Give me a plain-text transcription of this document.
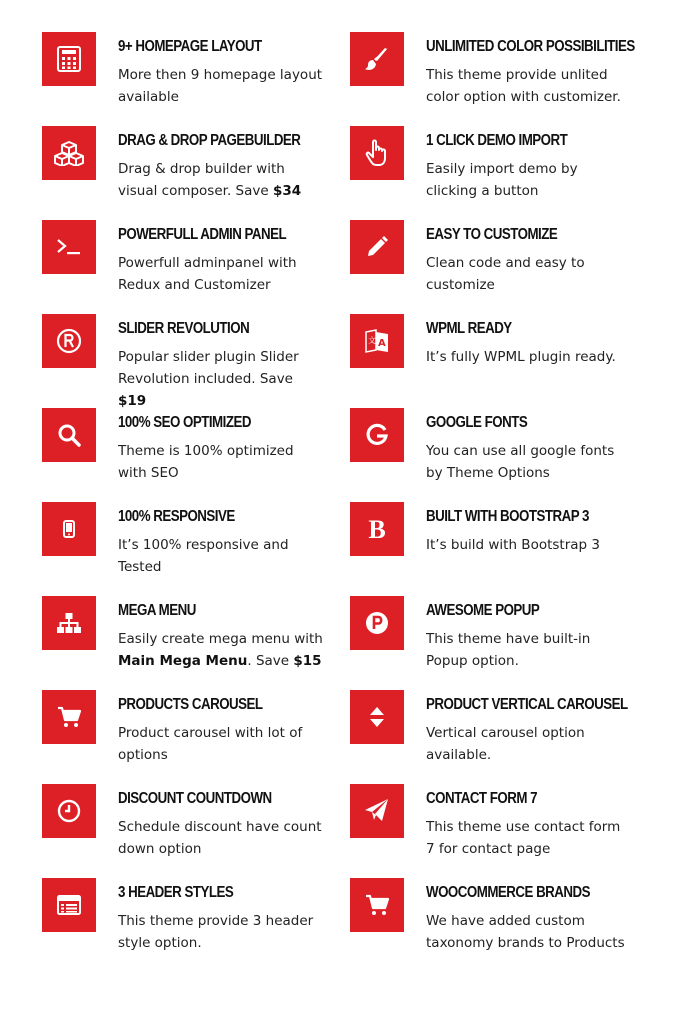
9+ HOMEPAGE LAYOUT
More then 9 homepage layout available
UNLIMITED COLOR POSSIBILITIES
This theme provide unlited color option with customizer.
DRAG & DROP PAGEBUILDER
Drag & drop builder with visual composer. Save $34
1 CLICK DEMO IMPORT
Easily import demo by clicking a button
POWERFULL ADMIN PANEL
Powerfull adminpanel with Redux and Customizer
EASY TO CUSTOMIZE
Clean code and easy to customize
SLIDER REVOLUTION
Popular slider plugin Slider Revolution included. Save $19
文 A
WPML READY
It’s fully WPML plugin ready.
100% SEO OPTIMIZED
Theme is 100% optimized with SEO
GOOGLE FONTS
You can use all google fonts by Theme Options
100% RESPONSIVE
It’s 100% responsive and Tested
B	BUILT WITH BOOTSTRAP 3
It’s build with Bootstrap 3
MEGA MENU
Easily create mega menu with Main Mega Menu. Save $15
AWESOME POPUP
This theme have built-in Popup option.
PRODUCTS CAROUSEL
Product carousel with lot of options
PRODUCT VERTICAL CAROUSEL
Vertical carousel option available.
DISCOUNT COUNTDOWN
Schedule discount have count down option
CONTACT FORM 7
This theme use contact form 7 for contact page
3 HEADER STYLES
This theme provide 3 header style option.
WOOCOMMERCE BRANDS
We have added custom taxonomy brands to Products
